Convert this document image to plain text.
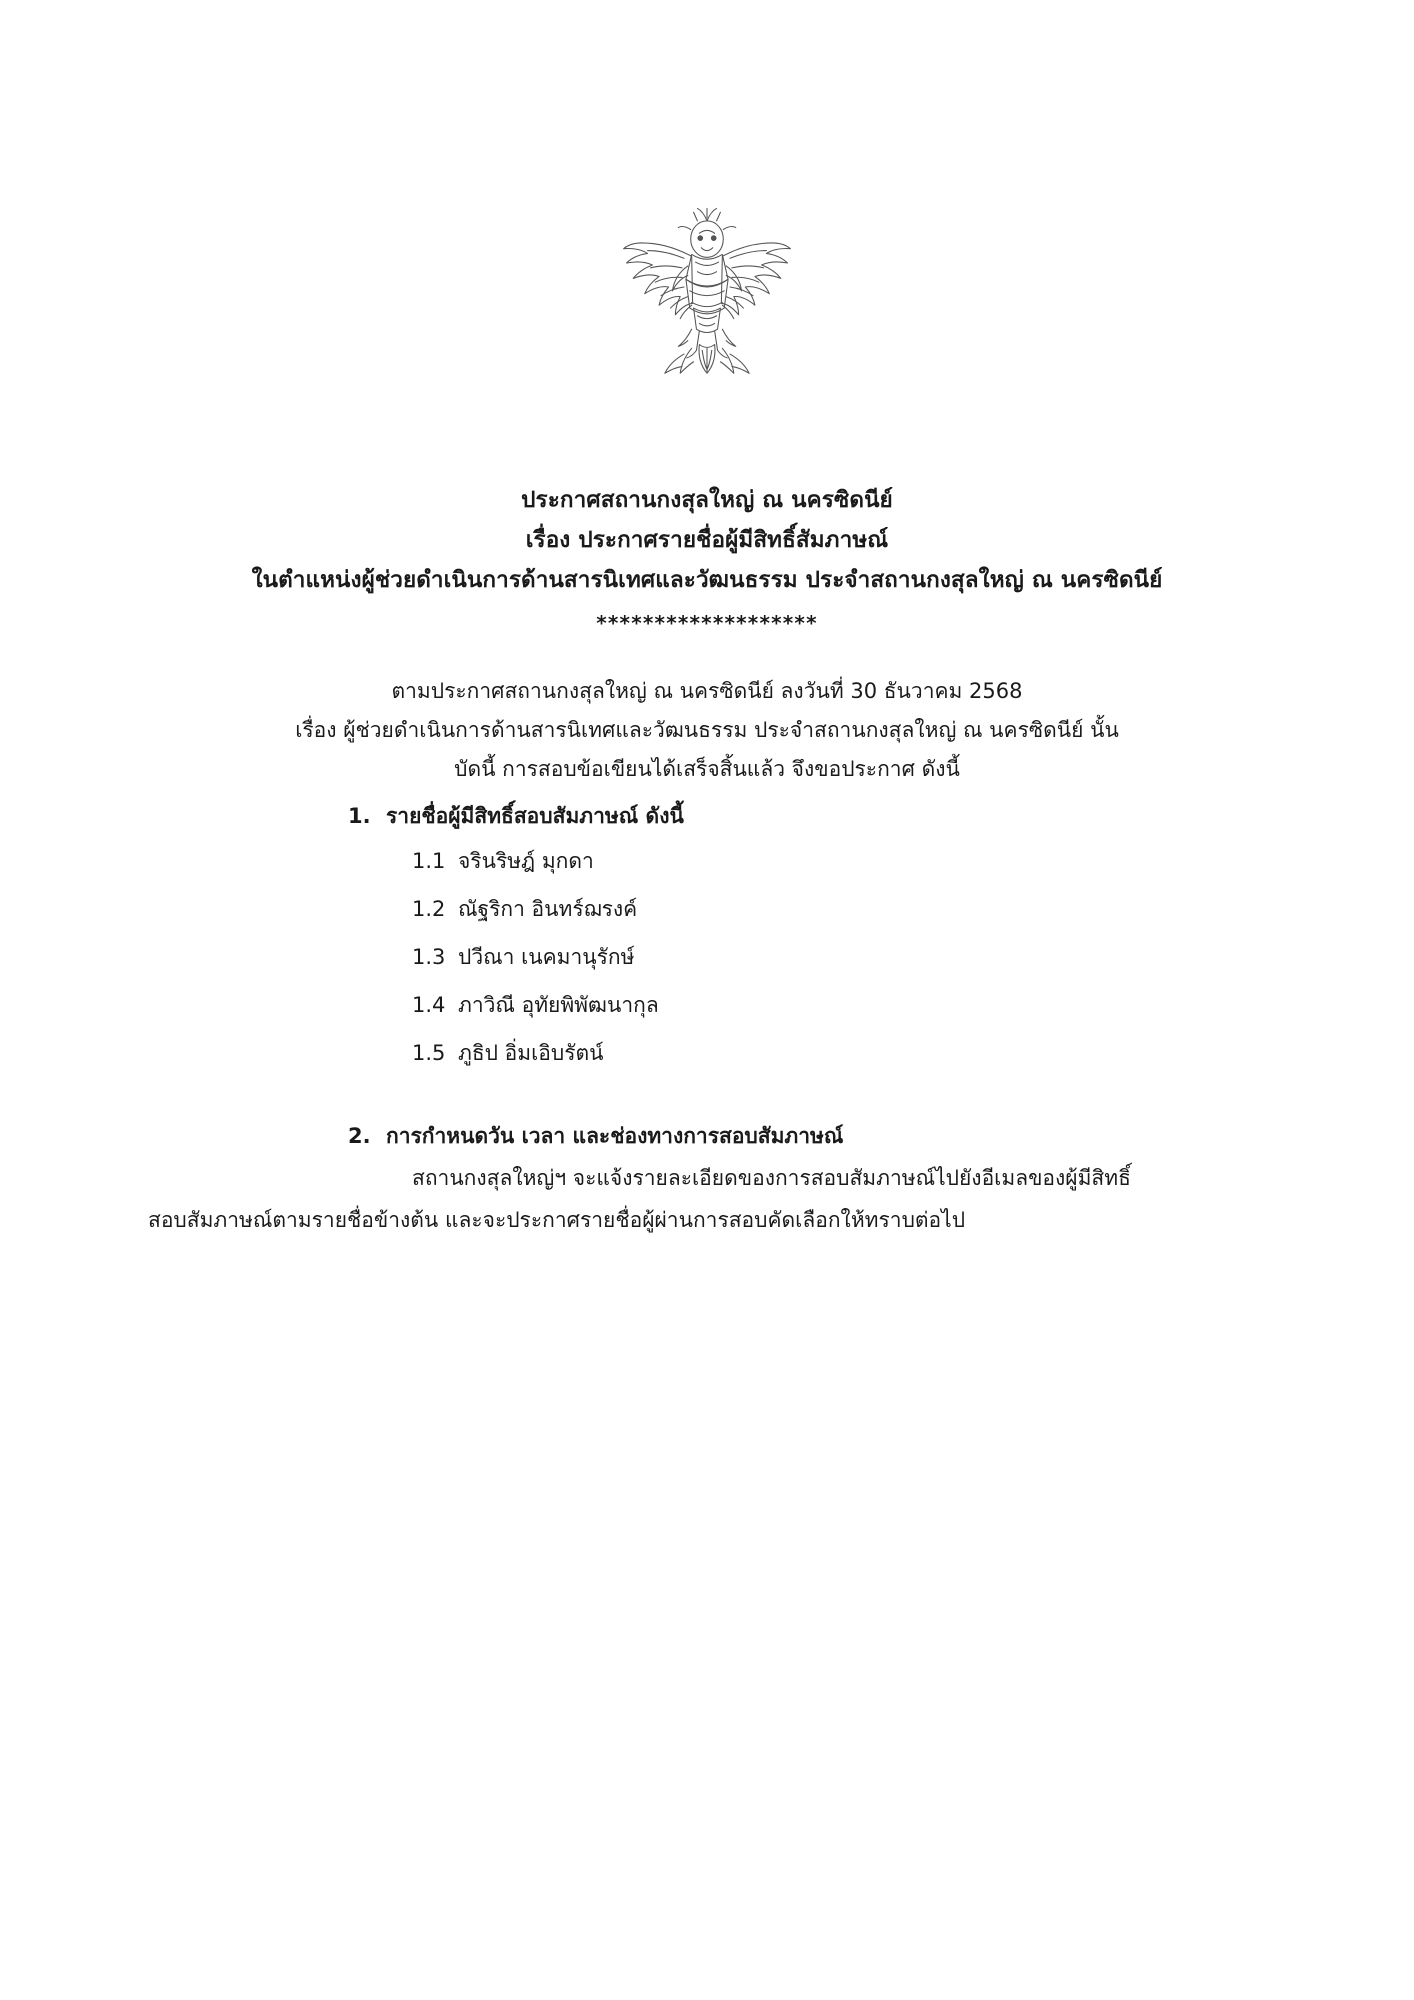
ประกาศสถานกงสุลใหญ่ ณ นครซิดนีย์
เรื่อง ประกาศรายชื่อผู้มีสิทธิ์สัมภาษณ์
ในตำแหน่งผู้ช่วยดำเนินการด้านสารนิเทศและวัฒนธรรม ประจำสถานกงสุลใหญ่ ณ นครซิดนีย์
*******************
ตามประกาศสถานกงสุลใหญ่ ณ นครซิดนีย์ ลงวันที่ 30 ธันวาคม 2568
เรื่อง ผู้ช่วยดำเนินการด้านสารนิเทศและวัฒนธรรม ประจำสถานกงสุลใหญ่ ณ นครซิดนีย์ นั้น
บัดนี้ การสอบข้อเขียนได้เสร็จสิ้นแล้ว จึงขอประกาศ ดังนี้
1. รายชื่อผู้มีสิทธิ์สอบสัมภาษณ์ ดังนี้
1.1 จรินริษฎ์ มุกดา
1.2 ณัฐริกา อินทร์ฌรงค์
1.3 ปวีณา เนคมานุรักษ์
1.4 ภาวิณี อุทัยพิพัฒนากุล
1.5 ภูธิป อิ่มเอิบรัตน์
2. การกำหนดวัน เวลา และช่องทางการสอบสัมภาษณ์
สถานกงสุลใหญ่ฯ จะแจ้งรายละเอียดของการสอบสัมภาษณ์ไปยังอีเมลของผู้มีสิทธิ์
สอบสัมภาษณ์ตามรายชื่อข้างต้น และจะประกาศรายชื่อผู้ผ่านการสอบคัดเลือกให้ทราบต่อไป
